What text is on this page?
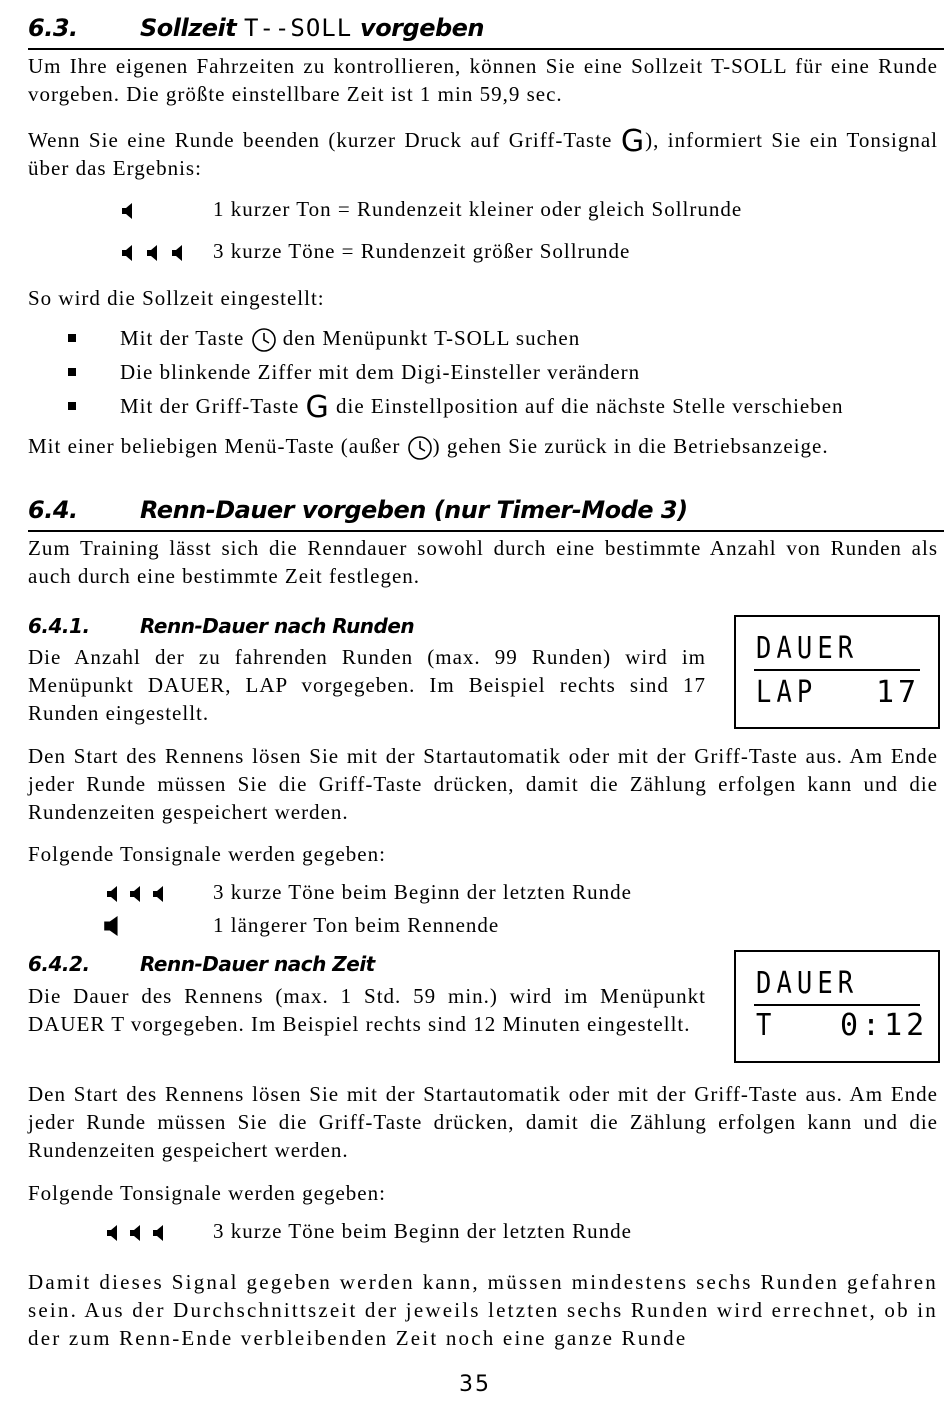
6.3.	Sollzeit T--SOLL vorgeben
Um Ihre eigenen Fahrzeiten zu kontrollieren, können Sie eine Sollzeit T-SOLL für eine Runde vorgeben. Die größte einstellbare Zeit ist 1 min 59,9 sec.
Wenn Sie eine Runde beenden (kurzer Druck auf Griff-Taste G), informiert Sie ein Tonsignal über das Ergebnis:
1 kurzer Ton = Rundenzeit kleiner oder gleich Sollrunde
3 kurze Töne = Rundenzeit größer Sollrunde
So wird die Sollzeit eingestellt:
Mit der Taste  den Menüpunkt T-SOLL suchen
Die blinkende Ziffer mit dem Digi-Einsteller verändern
Mit der Griff-Taste G die Einstellposition auf die nächste Stelle verschieben
Mit einer beliebigen Menü-Taste (außer ) gehen Sie zurück in die Betriebsanzeige.
6.4.	Renn-Dauer vorgeben (nur Timer-Mode 3)
Zum Training lässt sich die Renndauer sowohl durch eine bestimmte Anzahl von Runden als auch durch eine bestimmte Zeit festlegen.
6.4.1.	Renn-Dauer nach Runden
Die Anzahl der zu fahrenden Runden (max. 99 Runden) wird im Menüpunkt DAUER, LAP vorgegeben. Im Beispiel rechts sind 17 Runden eingestellt.
DAUER
LAP 17
Den Start des Rennens lösen Sie mit der Startautomatik oder mit der Griff-Taste aus. Am Ende jeder Runde müssen Sie die Griff-Taste drücken, damit die Zählung erfolgen kann und die Rundenzeiten gespeichert werden.
Folgende Tonsignale werden gegeben:
3 kurze Töne beim Beginn der letzten Runde
1 längerer Ton beim Rennende
6.4.2.	Renn-Dauer nach Zeit
Die Dauer des Rennens (max. 1 Std. 59 min.) wird im Menüpunkt DAUER T vorgegeben. Im Beispiel rechts sind 12 Minuten eingestellt.
DAUER
T 0:12
Den Start des Rennens lösen Sie mit der Startautomatik oder mit der Griff-Taste aus. Am Ende jeder Runde müssen Sie die Griff-Taste drücken, damit die Zählung erfolgen kann und die Rundenzeiten gespeichert werden.
Folgende Tonsignale werden gegeben:
3 kurze Töne beim Beginn der letzten Runde
Damit dieses Signal gegeben werden kann, müssen mindestens sechs Runden gefahren sein. Aus der Durchschnittszeit der jeweils letzten sechs Runden wird errechnet, ob in der zum Renn-Ende verbleibenden Zeit noch eine ganze Runde
35
